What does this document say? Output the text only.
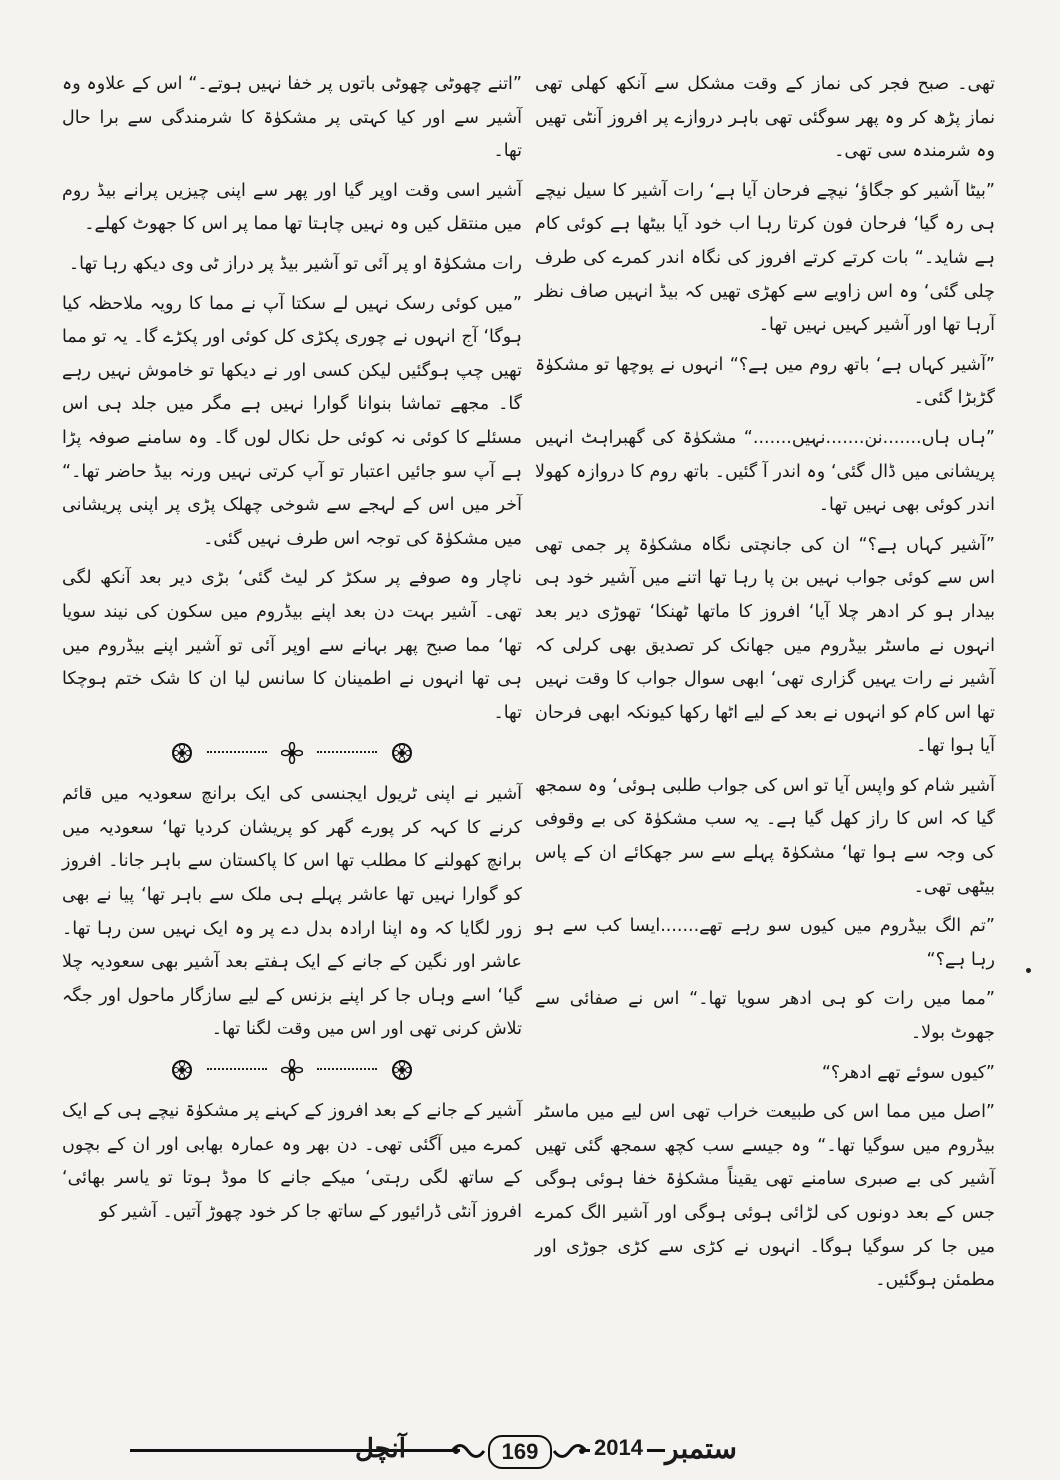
تھی۔ صبح فجر کی نماز کے وقت مشکل سے آنکھ کھلی تھی نماز پڑھ کر وہ پھر سوگئی تھی باہر دروازے پر افروز آنٹی تھیں وہ شرمندہ سی تھی۔

”بیٹا آشیر کو جگاؤ‘ نیچے فرحان آیا ہے‘ رات آشیر کا سیل نیچے ہی رہ گیا‘ فرحان فون کرتا رہا اب خود آیا بیٹھا ہے کوئی کام ہے شاید۔“ بات کرتے کرتے افروز کی نگاہ اندر کمرے کی طرف چلی گئی‘ وہ اس زاویے سے کھڑی تھیں کہ بیڈ انہیں صاف نظر آرہا تھا اور آشیر کہیں نہیں تھا۔

”آشیر کہاں ہے‘ باتھ روم میں ہے؟“ انہوں نے پوچھا تو مشکوٰۃ گڑبڑا گئی۔

”ہاں ہاں.......نن.......نہیں.......“ مشکوٰۃ کی گھبراہٹ انہیں پریشانی میں ڈال گئی‘ وہ اندر آ گئیں۔ باتھ روم کا دروازہ کھولا اندر کوئی بھی نہیں تھا۔

”آشیر کہاں ہے؟“ ان کی جانچتی نگاہ مشکوٰۃ پر جمی تھی اس سے کوئی جواب نہیں بن پا رہا تھا اتنے میں آشیر خود ہی بیدار ہو کر ادھر چلا آیا‘ افروز کا ماتھا ٹھنکا‘ تھوڑی دیر بعد انہوں نے ماسٹر بیڈروم میں جھانک کر تصدیق بھی کرلی کہ آشیر نے رات یہیں گزاری تھی‘ ابھی سوال جواب کا وقت نہیں تھا اس کام کو انہوں نے بعد کے لیے اٹھا رکھا کیونکہ ابھی فرحان آیا ہوا تھا۔

آشیر شام کو واپس آیا تو اس کی جواب طلبی ہوئی‘ وہ سمجھ گیا کہ اس کا راز کھل گیا ہے۔ یہ سب مشکوٰۃ کی بے وقوفی کی وجہ سے ہوا تھا‘ مشکوٰۃ پہلے سے سر جھکائے ان کے پاس بیٹھی تھی۔

”تم الگ بیڈروم میں کیوں سو رہے تھے.......ایسا کب سے ہو رہا ہے؟“

”مما میں رات کو ہی ادھر سویا تھا۔“ اس نے صفائی سے جھوٹ بولا۔

”کیوں سوئے تھے ادھر؟“

”اصل میں مما اس کی طبیعت خراب تھی اس لیے میں ماسٹر بیڈروم میں سوگیا تھا۔“ وہ جیسے سب کچھ سمجھ گئی تھیں آشیر کی بے صبری سامنے تھی یقیناً مشکوٰۃ خفا ہوئی ہوگی جس کے بعد دونوں کی لڑائی ہوئی ہوگی اور آشیر الگ کمرے میں جا کر سوگیا ہوگا۔ انہوں نے کڑی سے کڑی جوڑی اور مطمئن ہوگئیں۔

”اتنے چھوٹی چھوٹی باتوں پر خفا نہیں ہوتے۔“ اس کے علاوہ وہ آشیر سے اور کیا کہتی پر مشکوٰۃ کا شرمندگی سے برا حال تھا۔

آشیر اسی وقت اوپر گیا اور پھر سے اپنی چیزیں پرانے بیڈ روم میں منتقل کیں وہ نہیں چاہتا تھا مما پر اس کا جھوٹ کھلے۔

رات مشکوٰۃ او پر آئی تو آشیر بیڈ پر دراز ٹی وی دیکھ رہا تھا۔

”میں کوئی رسک نہیں لے سکتا آپ نے مما کا رویہ ملاحظہ کیا ہوگا‘ آج انہوں نے چوری پکڑی کل کوئی اور پکڑے گا۔ یہ تو مما تھیں چپ ہوگئیں لیکن کسی اور نے دیکھا تو خاموش نہیں رہے گا۔ مجھے تماشا بنوانا گوارا نہیں ہے مگر میں جلد ہی اس مسئلے کا کوئی نہ کوئی حل نکال لوں گا۔ وہ سامنے صوفہ پڑا ہے آپ سو جائیں اعتبار تو آپ کرتی نہیں ورنہ بیڈ حاضر تھا۔“ آخر میں اس کے لہجے سے شوخی چھلک پڑی پر اپنی پریشانی میں مشکوٰۃ کی توجہ اس طرف نہیں گئی۔

ناچار وہ صوفے پر سکڑ کر لیٹ گئی‘ بڑی دیر بعد آنکھ لگی تھی۔ آشیر بہت دن بعد اپنے بیڈروم میں سکون کی نیند سویا تھا‘ مما صبح پھر بہانے سے اوپر آئی تو آشیر اپنے بیڈروم میں ہی تھا انہوں نے اطمینان کا سانس لیا ان کا شک ختم ہوچکا تھا۔

آشیر نے اپنی ٹریول ایجنسی کی ایک برانچ سعودیہ میں قائم کرنے کا کہہ کر پورے گھر کو پریشان کردیا تھا‘ سعودیہ میں برانچ کھولنے کا مطلب تھا اس کا پاکستان سے باہر جانا۔ افروز کو گوارا نہیں تھا عاشر پہلے ہی ملک سے باہر تھا‘ پیا نے بھی زور لگایا کہ وہ اپنا ارادہ بدل دے پر وہ ایک نہیں سن رہا تھا۔ عاشر اور نگین کے جانے کے ایک ہفتے بعد آشیر بھی سعودیہ چلا گیا‘ اسے وہاں جا کر اپنے بزنس کے لیے سازگار ماحول اور جگہ تلاش کرنی تھی اور اس میں وقت لگنا تھا۔

آشیر کے جانے کے بعد افروز کے کہنے پر مشکوٰۃ نیچے ہی کے ایک کمرے میں آگئی تھی۔ دن بھر وہ عمارہ بھابی اور ان کے بچوں کے ساتھ لگی رہتی‘ میکے جانے کا موڈ ہوتا تو یاسر بھائی‘ افروز آنٹی ڈرائیور کے ساتھ جا کر خود چھوڑ آتیں۔ آشیر کو

آنچل	169	2014 ستمبر
